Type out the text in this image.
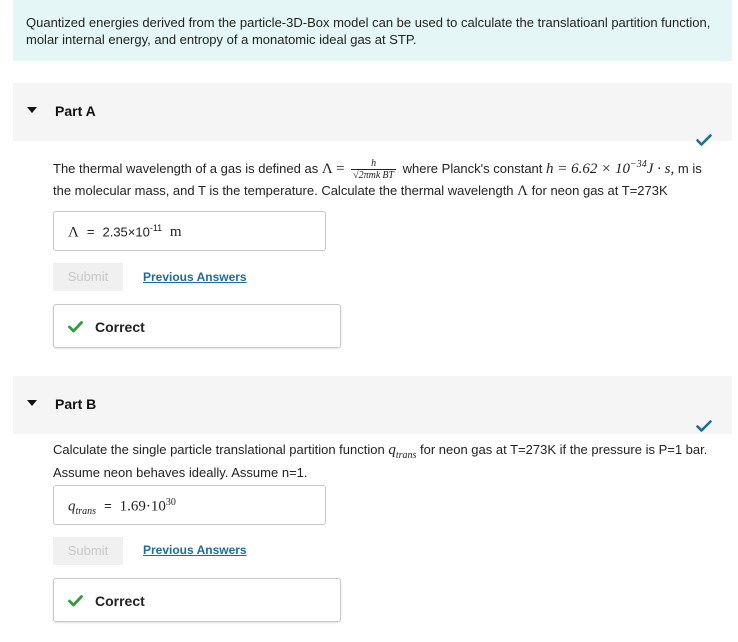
Quantized energies derived from the particle-3D-Box model can be used to calculate the translatioanl partition function, molar internal energy, and entropy of a monatomic ideal gas at STP.
Part A
The thermal wavelength of a gas is defined as $\Lambda = \frac{h}{\text{√2πmk BT}}$ where Planck's constant $h = 6.62 \times 10^{-34}J \cdot s$, m is
the molecular mass, and T is the temperature. Calculate the thermal wavelength Λ for neon gas at T=273K
$\Lambda = 2.35\times 10^{-11}$ m
Submit	Previous Answers
Correct
Part B
Calculate the single particle translational partition function $q_{trans}$ for neon gas at T=273K if the pressure is P=1 bar.
Assume neon behaves ideally. Assume n=1.
$q_{trans} = 1.69\cdot 10^{30}$
Submit	Previous Answers
Correct
